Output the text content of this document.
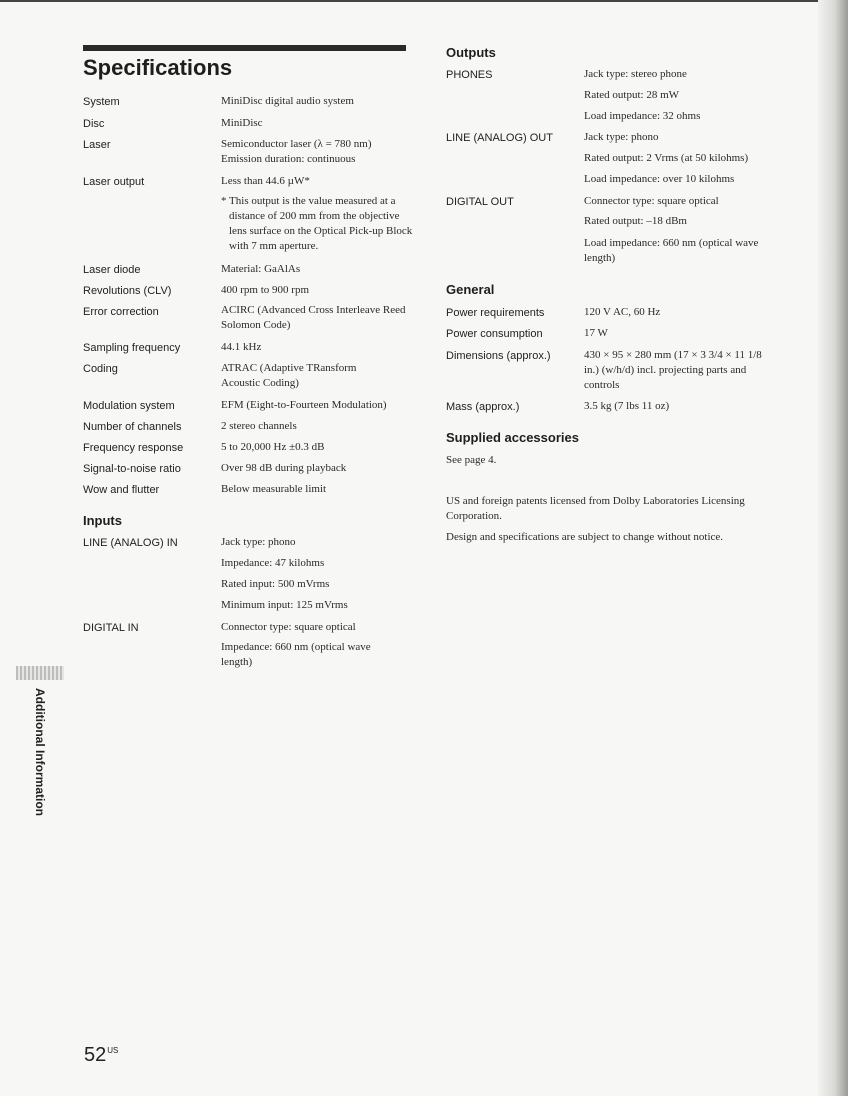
Specifications
System	MiniDisc digital audio system
Disc	MiniDisc
Laser	Semiconductor laser (λ = 780 nm)
Emission duration: continuous
Laser output	Less than 44.6 µW*
* This output is the value measured at a distance of 200 mm from the objective lens surface on the Optical Pick-up Block with 7 mm aperture.
Laser diode	Material: GaAlAs
Revolutions (CLV)	400 rpm to 900 rpm
Error correction	ACIRC (Advanced Cross Interleave Reed Solomon Code)
Sampling frequency	44.1 kHz
Coding	ATRAC (Adaptive TRansform Acoustic Coding)
Modulation system	EFM (Eight-to-Fourteen Modulation)
Number of channels	2 stereo channels
Frequency response	5 to 20,000 Hz ±0.3 dB
Signal-to-noise ratio	Over 98 dB during playback
Wow and flutter	Below measurable limit
Inputs
LINE (ANALOG) IN	Jack type: phono
Impedance: 47 kilohms
Rated input: 500 mVrms
Minimum input: 125 mVrms
DIGITAL IN	Connector type: square optical
Impedance: 660 nm (optical wave length)
Outputs
PHONES	Jack type: stereo phone
Rated output: 28 mW
Load impedance: 32 ohms
LINE (ANALOG) OUT	Jack type: phono
Rated output: 2 Vrms (at 50 kilohms)
Load impedance: over 10 kilohms
DIGITAL OUT	Connector type: square optical
Rated output: –18 dBm
Load impedance: 660 nm (optical wave length)
General
Power requirements	120 V AC, 60 Hz
Power consumption	17 W
Dimensions (approx.)	430 × 95 × 280 mm (17 × 3 3/4 × 11 1/8 in.) (w/h/d) incl. projecting parts and controls
Mass (approx.)	3.5 kg (7 lbs 11 oz)
Supplied accessories
See page 4.
US and foreign patents licensed from Dolby Laboratories Licensing Corporation.
Design and specifications are subject to change without notice.
Additional Information
$52^{US}$
